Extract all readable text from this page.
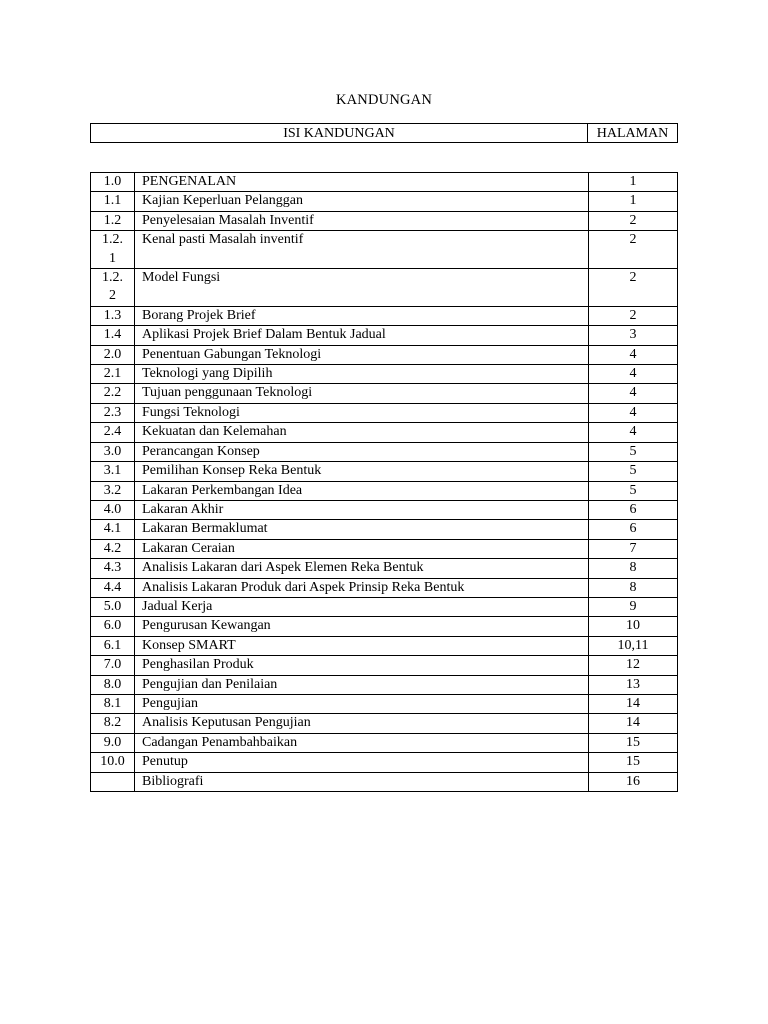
KANDUNGAN
ISI KANDUNGAN	HALAMAN
1.0	PENGENALAN	1
1.1	Kajian Keperluan Pelanggan	1
1.2	Penyelesaian Masalah Inventif	2
1.2.
1	Kenal pasti Masalah inventif	2
1.2.
2	Model Fungsi	2
1.3	Borang Projek Brief	2
1.4	Aplikasi Projek Brief Dalam Bentuk Jadual	3
2.0	Penentuan Gabungan Teknologi	4
2.1	Teknologi yang Dipilih	4
2.2	Tujuan penggunaan Teknologi	4
2.3	Fungsi Teknologi	4
2.4	Kekuatan dan Kelemahan	4
3.0	Perancangan Konsep	5
3.1	Pemilihan Konsep Reka Bentuk	5
3.2	Lakaran Perkembangan Idea	5
4.0	Lakaran Akhir	6
4.1	Lakaran Bermaklumat	6
4.2	Lakaran Ceraian	7
4.3	Analisis Lakaran dari Aspek Elemen Reka Bentuk	8
4.4	Analisis Lakaran Produk dari Aspek Prinsip Reka Bentuk	8
5.0	Jadual Kerja	9
6.0	Pengurusan Kewangan	10
6.1	Konsep SMART	10,11
7.0	Penghasilan Produk	12
8.0	Pengujian dan Penilaian	13
8.1	Pengujian	14
8.2	Analisis Keputusan Pengujian	14
9.0	Cadangan Penambahbaikan	15
10.0	Penutup	15
	Bibliografi	16
